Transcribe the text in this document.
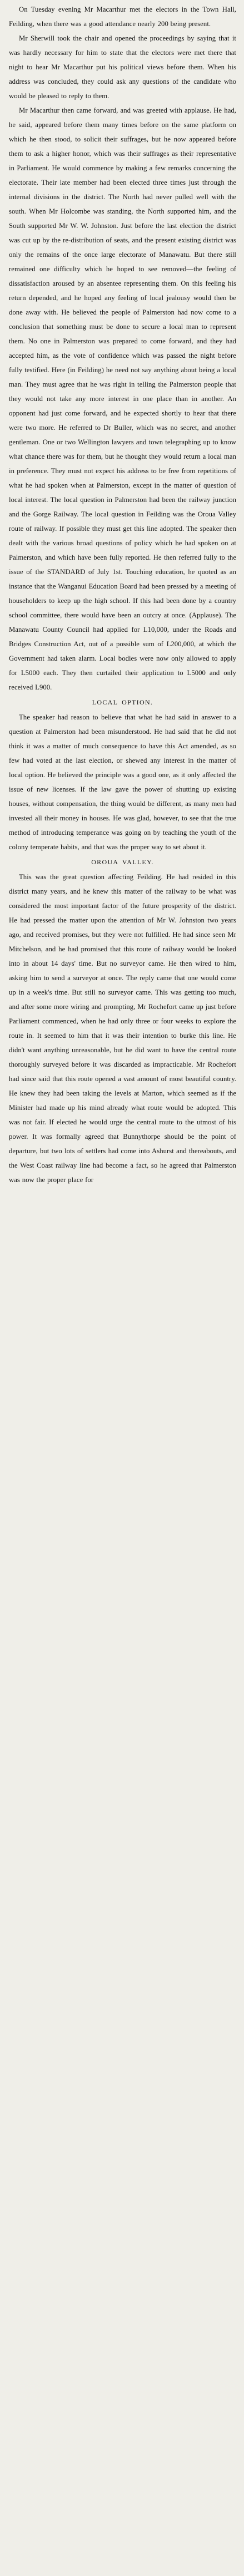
On Tuesday evening Mr Macarthur met the electors in the Town Hall, Feilding, when there was a good attendance nearly 200 being present.

Mr Sherwill took the chair and opened the proceedings by saying that it was hardly necessary for him to state that the electors were met there that night to hear Mr Macarthur put his political views before them. When his address was concluded, they could ask any questions of the candidate who would be pleased to reply to them.

Mr Macarthur then came forward, and was greeted with applause. He had, he said, appeared before them many times before on the same platform on which he then stood, to solicit their suffrages, but he now appeared before them to ask a higher honor, which was their suffrages as their representative in Parliament. He would commence by making a few remarks concerning the electorate. Their late member had been elected three times just through the internal divisions in the district. The North had never pulled well with the south. When Mr Holcombe was standing, the North supported him, and the South supported Mr W. W. Johnston. Just before the last election the district was cut up by the re-distribution of seats, and the present existing district was only the remains of the once large electorate of Manawatu. But there still remained one difficulty which he hoped to see removed—the feeling of dissatisfaction aroused by an absentee representing them. On this feeling his return depended, and he hoped any feeling of local jealousy would then be done away with. He believed the people of Palmerston had now come to a conclusion that something must be done to secure a local man to represent them. No one in Palmerston was prepared to come forward, and they had accepted him, as the vote of confidence which was passed the night before fully testified. Here (in Feilding) he need not say anything about being a local man. They must agree that he was right in telling the Palmerston people that they would not take any more interest in one place than in another. An opponent had just come forward, and he expected shortly to hear that there were two more. He referred to Dr Buller, which was no secret, and another gentleman. One or two Wellington lawyers and town telegraphing up to know what chance there was for them, but he thought they would return a local man in preference. They must not expect his address to be free from repetitions of what he had spoken when at Palmerston, except in the matter of question of local interest. The local question in Palmerston had been the railway junction and the Gorge Railway. The local question in Feilding was the Oroua Valley route of railway. If possible they must get this line adopted. The speaker then dealt with the various broad questions of policy which he had spoken on at Palmerston, and which have been fully reported. He then referred fully to the issue of the STANDARD of July 1st. Touching education, he quoted as an instance that the Wanganui Education Board had been pressed by a meeting of householders to keep up the high school. If this had been done by a country school committee, there would have been an outcry at once. (Applause). The Manawatu County Council had applied for L10,000, under the Roads and Bridges Construction Act, out of a possible sum of L200,000, at which the Government had taken alarm. Local bodies were now only allowed to apply for L5000 each. They then curtailed their application to L5000 and only received L900.

LOCAL OPTION.

The speaker had reason to believe that what he had said in answer to a question at Palmerston had been misunderstood. He had said that he did not think it was a matter of much consequence to have this Act amended, as so few had voted at the last election, or shewed any interest in the matter of local option. He believed the principle was a good one, as it only affected the issue of new licenses. If the law gave the power of shutting up existing houses, without compensation, the thing would be different, as many men had invested all their money in houses. He was glad, however, to see that the true method of introducing temperance was going on by teaching the youth of the colony temperate habits, and that was the proper way to set about it.

OROUA VALLEY.

This was the great question affecting Feilding. He had resided in this district many years, and he knew this matter of the railway to be what was considered the most important factor of the future prosperity of the district. He had pressed the matter upon the attention of Mr W. Johnston two years ago, and received promises, but they were not fulfilled. He had since seen Mr Mitchelson, and he had promised that this route of railway would be looked into in about 14 days' time. But no surveyor came. He then wired to him, asking him to send a surveyor at once. The reply came that one would come up in a week's time. But still no surveyor came. This was getting too much, and after some more wiring and prompting, Mr Rochefort came up just before Parliament commenced, when he had only three or four weeks to explore the route in. It seemed to him that it was their intention to burke this line. He didn't want anything unreasonable, but he did want to have the central route thoroughly surveyed before it was discarded as impracticable. Mr Rochefort had since said that this route opened a vast amount of most beautiful country. He knew they had been taking the levels at Marton, which seemed as if the Minister had made up his mind already what route would be adopted. This was not fair. If elected he would urge the central route to the utmost of his power. It was formally agreed that Bunnythorpe should be the point of departure, but two lots of settlers had come into Ashurst and thereabouts, and the West Coast railway line had become a fact, so he agreed that Palmerston was now the proper place for
